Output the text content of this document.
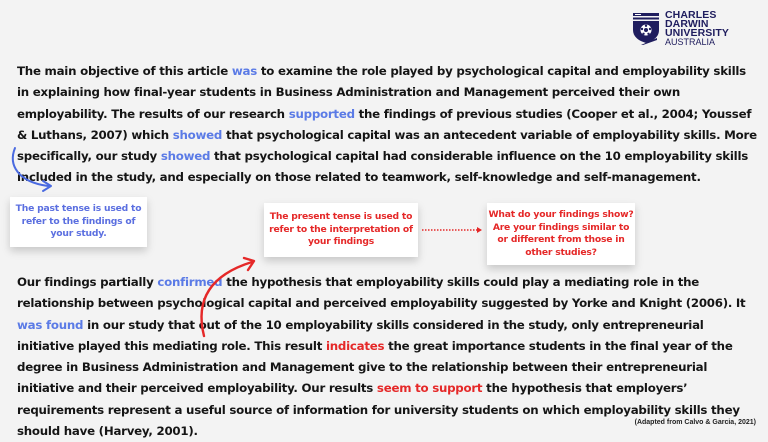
CHARLES
DARWIN
UNIVERSITY
AUSTRALIA
The main objective of this article was to examine the role played by psychological capital and employability skills in explaining how final-year students in Business Administration and Management perceived their own employability. The results of our research supported the findings of previous studies (Cooper et al., 2004; Youssef & Luthans, 2007) which showed that psychological capital was an antecedent variable of employability skills. More specifically, our study showed that psychological capital had considerable influence on the 10 employability skills included in the study, and especially on those related to teamwork, self-knowledge and self-management.
The past tense is used to refer to the findings of your study.
The present tense is used to refer to the interpretation of your findings
What do your findings show? Are your findings similar to or different from those in other studies?
Our findings partially confirmed the hypothesis that employability skills could play a mediating role in the relationship between psychological capital and perceived employability suggested by Yorke and Knight (2006). It was found in our study that out of the 10 employability skills considered in the study, only entrepreneurial initiative played this mediating role. This result indicates the great importance students in the final year of the degree in Business Administration and Management give to the relationship between their entrepreneurial initiative and their perceived employability. Our results seem to support the hypothesis that employers’ requirements represent a useful source of information for university students on which employability skills they should have (Harvey, 2001).
(Adapted from Calvo & Garcia, 2021)
